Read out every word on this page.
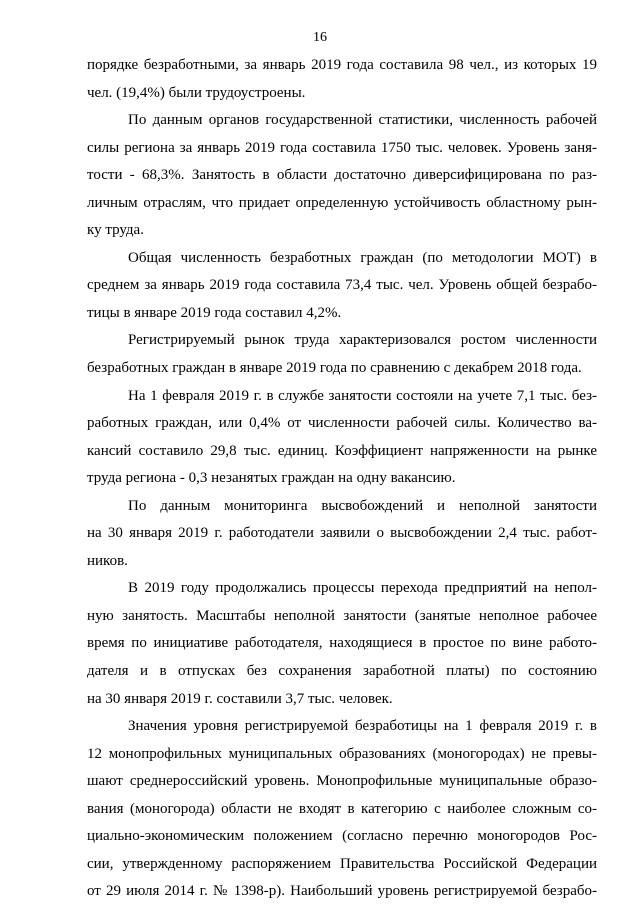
16
порядке безработными, за январь 2019 года составила 98 чел., из которых 19
чел. (19,4%) были трудоустроены.
По данным органов государственной статистики, численность рабочей
силы региона за январь 2019 года составила 1750 тыс. человек. Уровень заня-
тости - 68,3%. Занятость в области достаточно диверсифицирована по раз-
личным отраслям, что придает определенную устойчивость областному рын-
ку труда.
Общая численность безработных граждан (по методологии МОТ) в
среднем за январь 2019 года составила 73,4 тыс. чел. Уровень общей безрабо-
тицы в январе 2019 года составил 4,2%.
Регистрируемый рынок труда характеризовался ростом численности
безработных граждан в январе 2019 года по сравнению с декабрем 2018 года.
На 1 февраля 2019 г. в службе занятости состояли на учете 7,1 тыс. без-
работных граждан, или 0,4% от численности рабочей силы. Количество ва-
кансий составило 29,8 тыс. единиц. Коэффициент напряженности на рынке
труда региона - 0,3 незанятых граждан на одну вакансию.
По данным мониторинга высвобождений и неполной занятости
на 30 января 2019 г. работодатели заявили о высвобождении 2,4 тыс. работ-
ников.
В 2019 году продолжались процессы перехода предприятий на непол-
ную занятость. Масштабы неполной занятости (занятые неполное рабочее
время по инициативе работодателя, находящиеся в простое по вине работо-
дателя и в отпусках без сохранения заработной платы) по состоянию
на 30 января 2019 г. составили 3,7 тыс. человек.
Значения уровня регистрируемой безработицы на 1 февраля 2019 г. в
12 монопрофильных муниципальных образованиях (моногородах) не превы-
шают среднероссийский уровень. Монопрофильные муниципальные образо-
вания (моногорода) области не входят в категорию с наиболее сложным со-
циально-экономическим положением (согласно перечню моногородов Рос-
сии, утвержденному распоряжением Правительства Российской Федерации
от 29 июля 2014 г. № 1398-р). Наибольший уровень регистрируемой безрабо-
